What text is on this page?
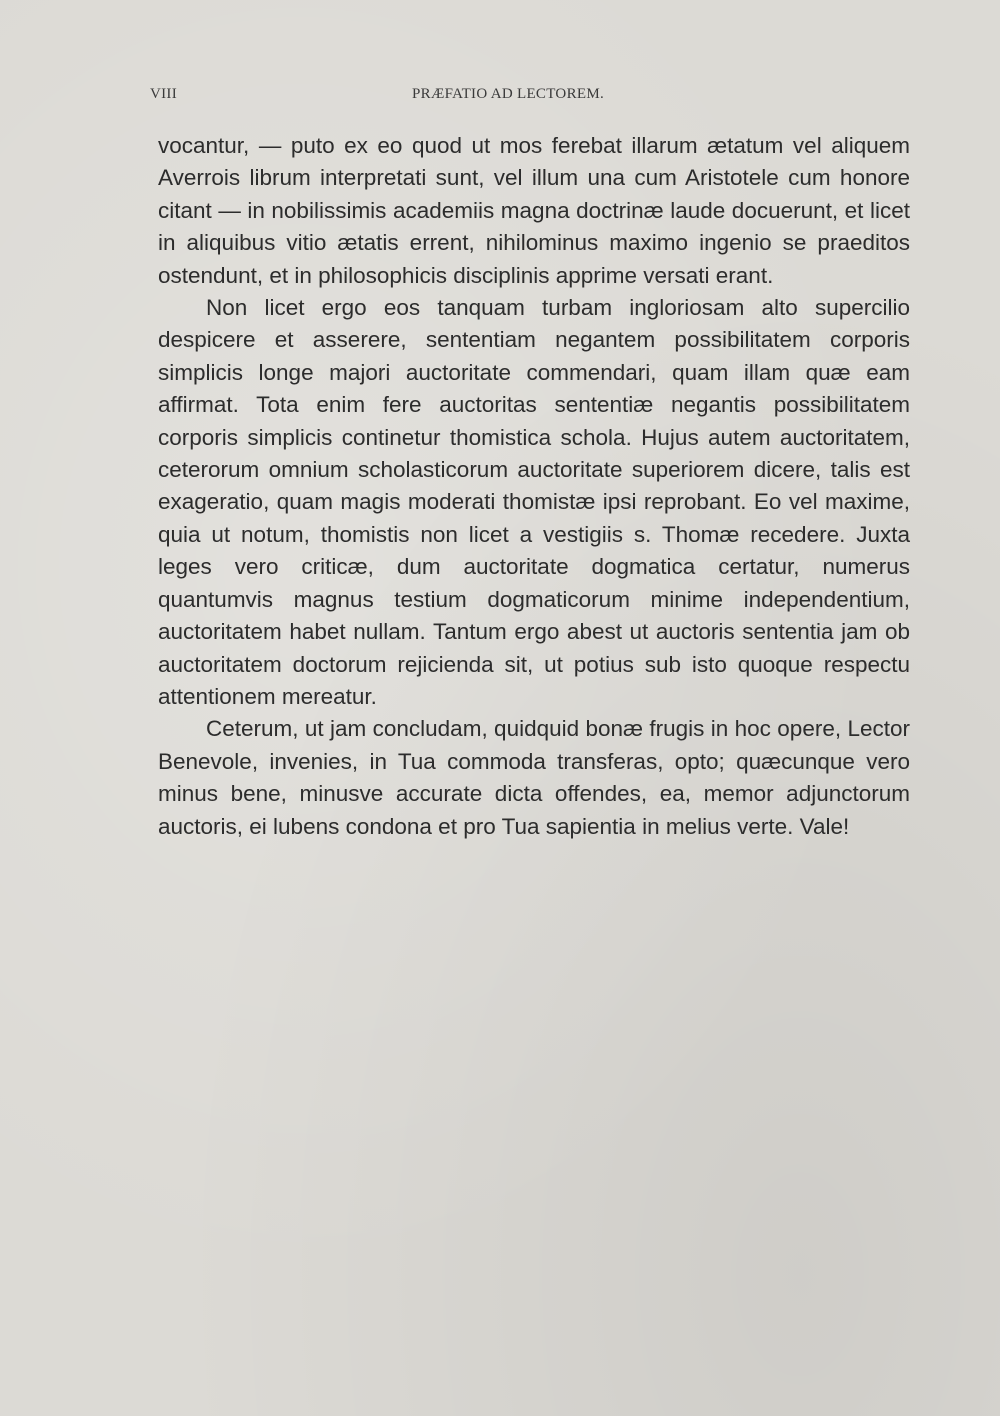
VIII	PRÆFATIO AD LECTOREM.

vocantur, — puto ex eo quod ut mos ferebat illarum ætatum vel aliquem Averrois librum interpretati sunt, vel illum una cum Aristotele cum honore citant — in nobilissimis academiis magna doctrinæ laude docuerunt, et licet in aliquibus vitio ætatis errent, nihilominus maximo ingenio se praeditos ostendunt, et in philosophicis disciplinis apprime versati erant.

Non licet ergo eos tanquam turbam ingloriosam alto supercilio despicere et asserere, sententiam negantem possibilitatem corporis simplicis longe majori auctoritate commendari, quam illam quæ eam affirmat. Tota enim fere auctoritas sententiæ negantis possibilitatem corporis simplicis continetur thomistica schola. Hujus autem auctoritatem, ceterorum omnium scholasticorum auctoritate superiorem dicere, talis est exageratio, quam magis moderati thomistæ ipsi reprobant. Eo vel maxime, quia ut notum, thomistis non licet a vestigiis s. Thomæ recedere. Juxta leges vero criticæ, dum auctoritate dogmatica certatur, numerus quantumvis magnus testium dogmaticorum minime independentium, auctoritatem habet nullam. Tantum ergo abest ut auctoris sententia jam ob auctoritatem doctorum rejicienda sit, ut potius sub isto quoque respectu attentionem mereatur.

Ceterum, ut jam concludam, quidquid bonæ frugis in hoc opere, Lector Benevole, invenies, in Tua commoda transferas, opto; quæcunque vero minus bene, minusve accurate dicta offendes, ea, memor adjunctorum auctoris, ei lubens condona et pro Tua sapientia in melius verte. Vale!
